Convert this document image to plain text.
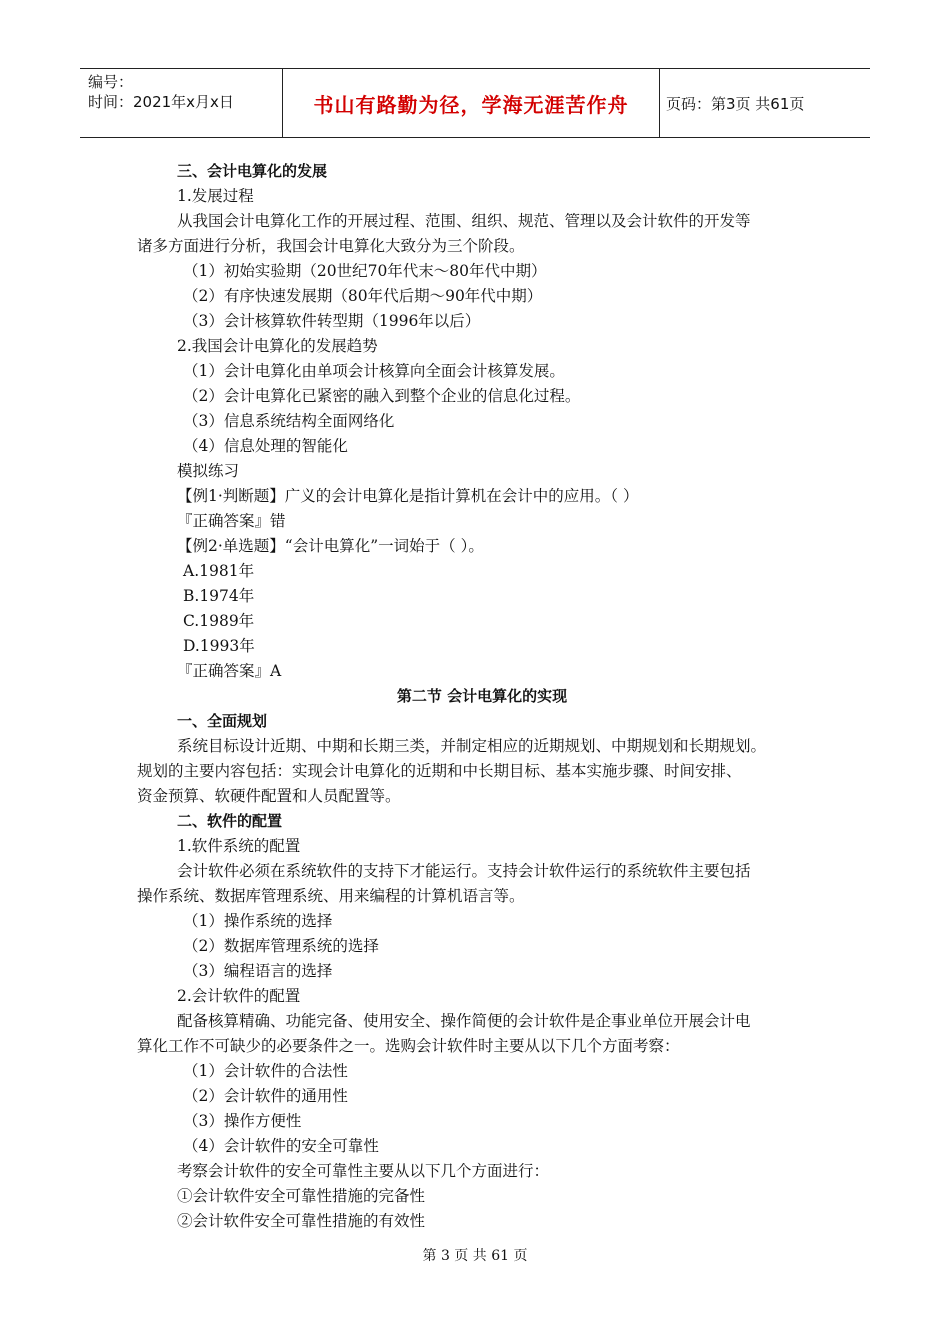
编号：
时间：2021年x月x日	书山有路勤为径，学海无涯苦作舟	页码：第3页 共61页
三、会计电算化的发展
1.发展过程
从我国会计电算化工作的开展过程、范围、组织、规范、管理以及会计软件的开发等
诸多方面进行分析，我国会计电算化大致分为三个阶段。
（1）初始实验期（20世纪70年代末～80年代中期）
（2）有序快速发展期（80年代后期～90年代中期）
（3）会计核算软件转型期（1996年以后）
2.我国会计电算化的发展趋势
（1）会计电算化由单项会计核算向全面会计核算发展。
（2）会计电算化已紧密的融入到整个企业的信息化过程。
（3）信息系统结构全面网络化
（4）信息处理的智能化
模拟练习
【例1·判断题】广义的会计电算化是指计算机在会计中的应用。（ ）
『正确答案』错
【例2·单选题】“会计电算化”一词始于（ ）。
A.1981年
B.1974年
C.1989年
D.1993年
『正确答案』A
第二节 会计电算化的实现
一、全面规划
系统目标设计近期、中期和长期三类，并制定相应的近期规划、中期规划和长期规划。
规划的主要内容包括：实现会计电算化的近期和中长期目标、基本实施步骤、时间安排、
资金预算、软硬件配置和人员配置等。
二、软件的配置
1.软件系统的配置
会计软件必须在系统软件的支持下才能运行。支持会计软件运行的系统软件主要包括
操作系统、数据库管理系统、用来编程的计算机语言等。
（1）操作系统的选择
（2）数据库管理系统的选择
（3）编程语言的选择
2.会计软件的配置
配备核算精确、功能完备、使用安全、操作简便的会计软件是企事业单位开展会计电
算化工作不可缺少的必要条件之一。选购会计软件时主要从以下几个方面考察：
（1）会计软件的合法性
（2）会计软件的通用性
（3）操作方便性
（4）会计软件的安全可靠性
考察会计软件的安全可靠性主要从以下几个方面进行：
①会计软件安全可靠性措施的完备性
②会计软件安全可靠性措施的有效性
第 3 页 共 61 页
